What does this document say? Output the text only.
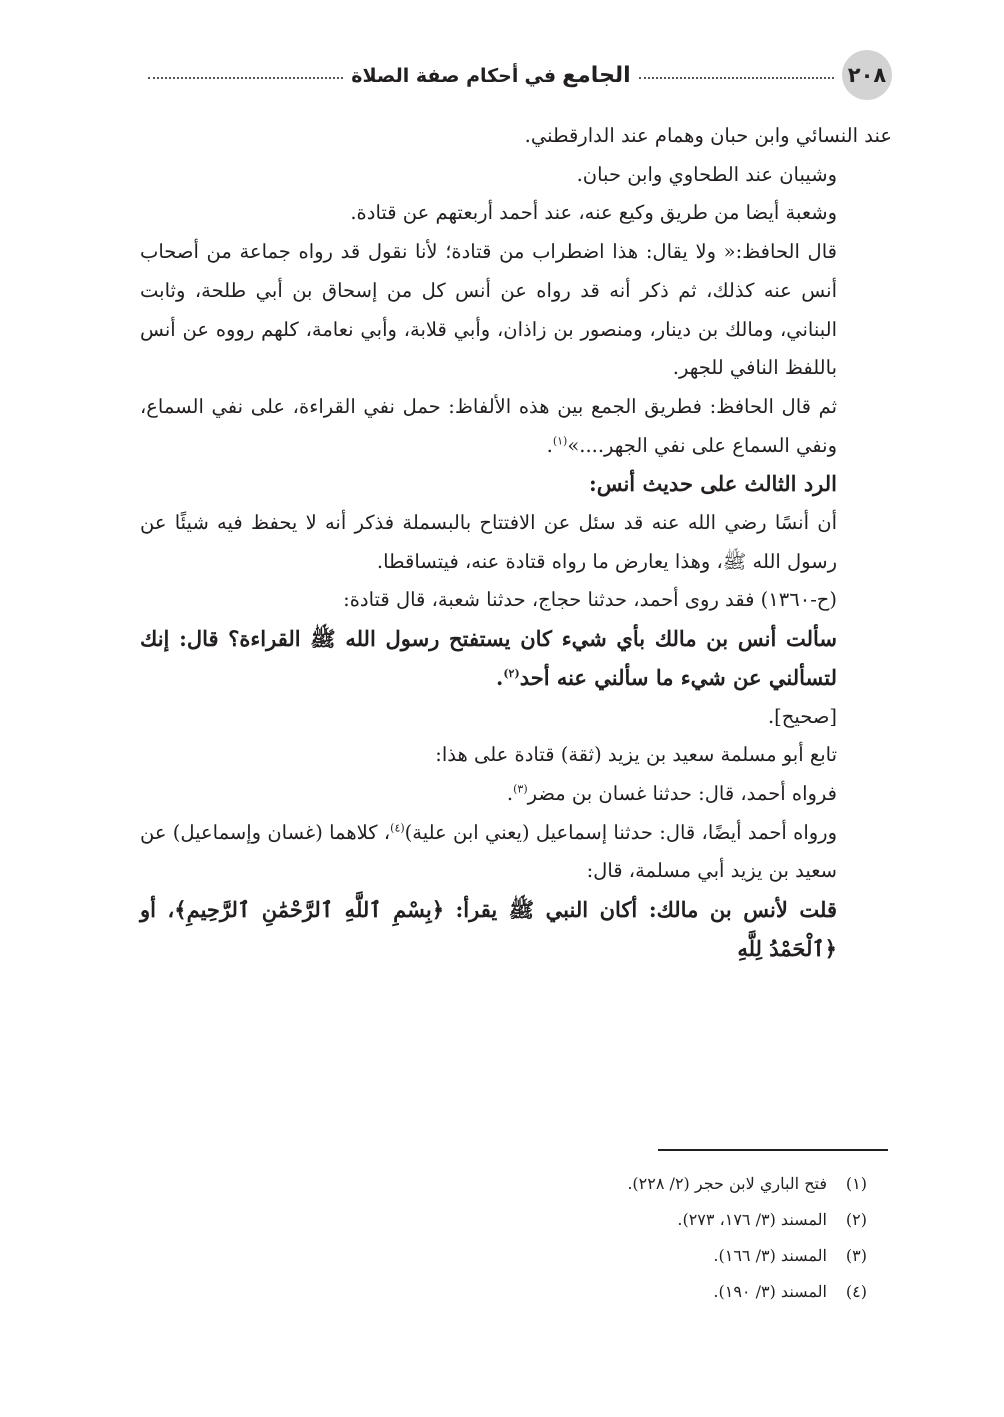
٢٠٨
الجامع في أحكام صفة الصلاة

عند النسائي وابن حبان وهمام عند الدارقطني.

وشيبان عند الطحاوي وابن حبان.

وشعبة أيضا من طريق وكيع عنه، عند أحمد أربعتهم عن قتادة.

قال الحافظ:« ولا يقال: هذا اضطراب من قتادة؛ لأنا نقول قد رواه جماعة من أصحاب أنس عنه كذلك، ثم ذكر أنه قد رواه عن أنس كل من إسحاق بن أبي طلحة، وثابت البناني، ومالك بن دينار، ومنصور بن زاذان، وأبي قلابة، وأبي نعامة، كلهم رووه عن أنس باللفظ النافي للجهر.

ثم قال الحافظ: فطريق الجمع بين هذه الألفاظ: حمل نفي القراءة، على نفي السماع، ونفي السماع على نفي الجهر....»$^{(١)}$.

الرد الثالث على حديث أنس:

أن أنسًا رضي الله عنه قد سئل عن الافتتاح بالبسملة فذكر أنه لا يحفظ فيه شيئًا عن رسول الله ﷺ، وهذا يعارض ما رواه قتادة عنه، فيتساقطا.

(ح-١٣٦٠) فقد روى أحمد، حدثنا حجاج، حدثنا شعبة، قال قتادة:

سألت أنس بن مالك بأي شيء كان يستفتح رسول الله ﷺ القراءة؟ قال: إنك لتسألني عن شيء ما سألني عنه أحد$^{(٢)}$.

[صحيح].

تابع أبو مسلمة سعيد بن يزيد (ثقة) قتادة على هذا:

فرواه أحمد، قال: حدثنا غسان بن مضر$^{(٣)}$.

ورواه أحمد أيضًا، قال: حدثنا إسماعيل (يعني ابن علية)$^{(٤)}$، كلاهما (غسان وإسماعيل) عن سعيد بن يزيد أبي مسلمة، قال:

قلت لأنس بن مالك: أكان النبي ﷺ يقرأ: ﴿بِسْمِ ٱللَّهِ ٱلرَّحْمَٰنِ ٱلرَّحِيمِ﴾، أو ﴿ٱلْحَمْدُ لِلَّهِ

(١)فتح الباري لابن حجر (٢/ ٢٢٨).
(٢)المسند (٣/ ١٧٦، ٢٧٣).
(٣)المسند (٣/ ١٦٦).
(٤)المسند (٣/ ١٩٠).
